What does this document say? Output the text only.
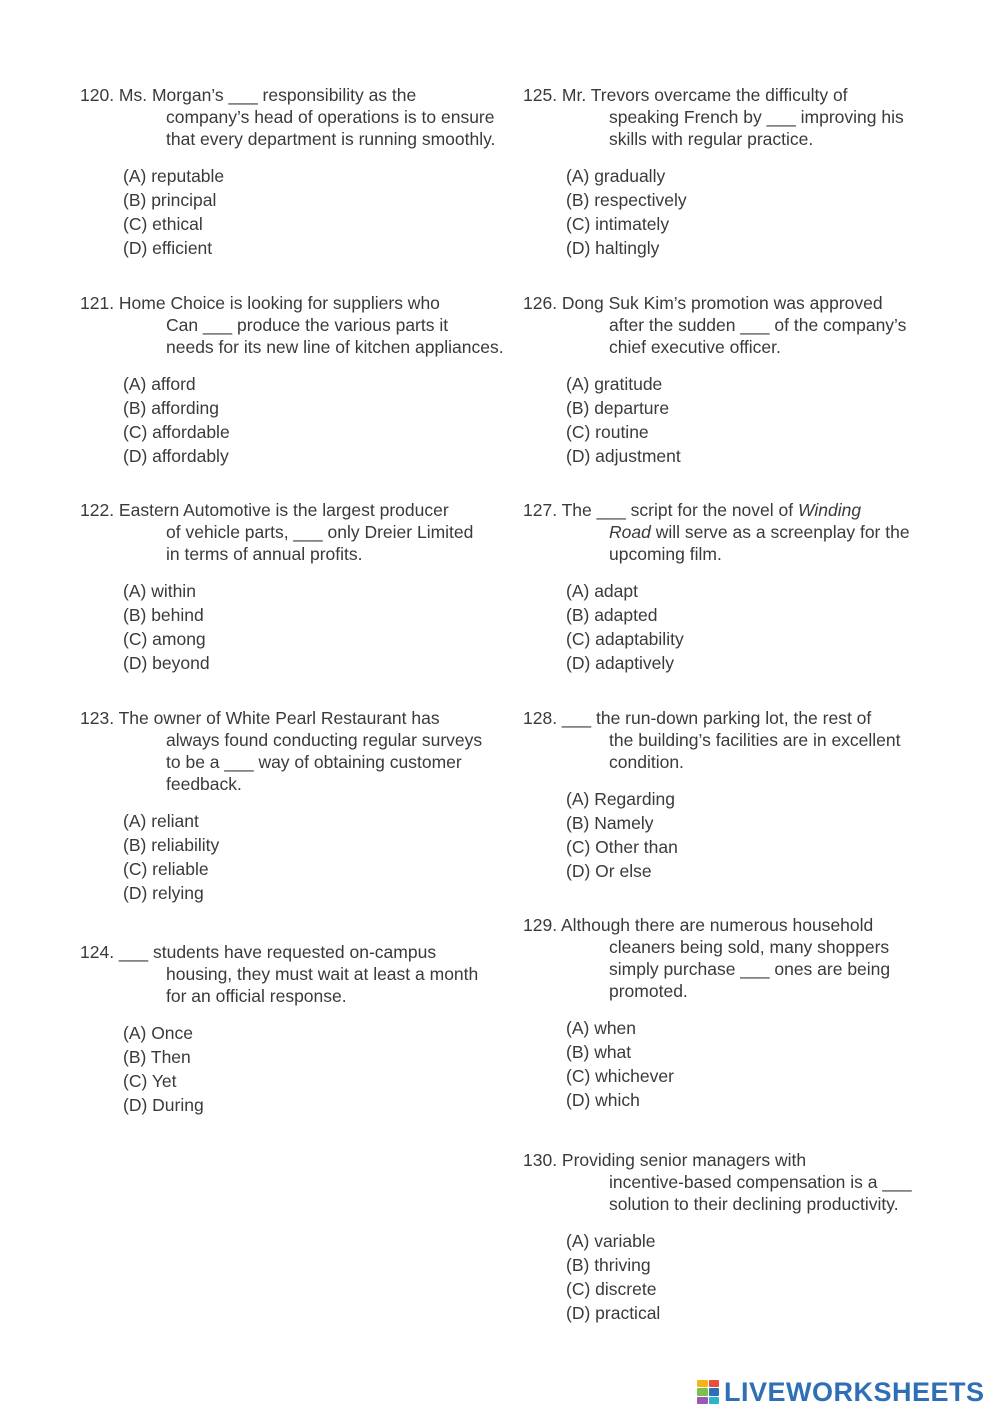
120. Ms. Morgan’s ___ responsibility as the
company’s head of operations is to ensure
that every department is running smoothly.
(A) reputable
(B) principal
(C) ethical
(D) efficient
121. Home Choice is looking for suppliers who
Can ___ produce the various parts it
needs for its new line of kitchen appliances.
(A) afford
(B) affording
(C) affordable
(D) affordably
122. Eastern Automotive is the largest producer
of vehicle parts, ___ only Dreier Limited
in terms of annual profits.
(A) within
(B) behind
(C) among
(D) beyond
123. The owner of White Pearl Restaurant has
always found conducting regular surveys
to be a ___ way of obtaining customer
feedback.
(A) reliant
(B) reliability
(C) reliable
(D) relying
124. ___ students have requested on-campus
housing, they must wait at least a month
for an official response.
(A) Once
(B) Then
(C) Yet
(D) During
125. Mr. Trevors overcame the difficulty of
speaking French by ___ improving his
skills with regular practice.
(A) gradually
(B) respectively
(C) intimately
(D) haltingly
126. Dong Suk Kim’s promotion was approved
after the sudden ___ of the company’s
chief executive officer.
(A) gratitude
(B) departure
(C) routine
(D) adjustment
127. The ___ script for the novel of Winding
Road will serve as a screenplay for the
upcoming film.
(A) adapt
(B) adapted
(C) adaptability
(D) adaptively
128. ___ the run-down parking lot, the rest of
the building’s facilities are in excellent
condition.
(A) Regarding
(B) Namely
(C) Other than
(D) Or else
129. Although there are numerous household
cleaners being sold, many shoppers
simply purchase ___ ones are being
promoted.
(A) when
(B) what
(C) whichever
(D) which
130. Providing senior managers with
incentive-based compensation is a ___
solution to their declining productivity.
(A) variable
(B) thriving
(C) discrete
(D) practical
LIVEWORKSHEETS
